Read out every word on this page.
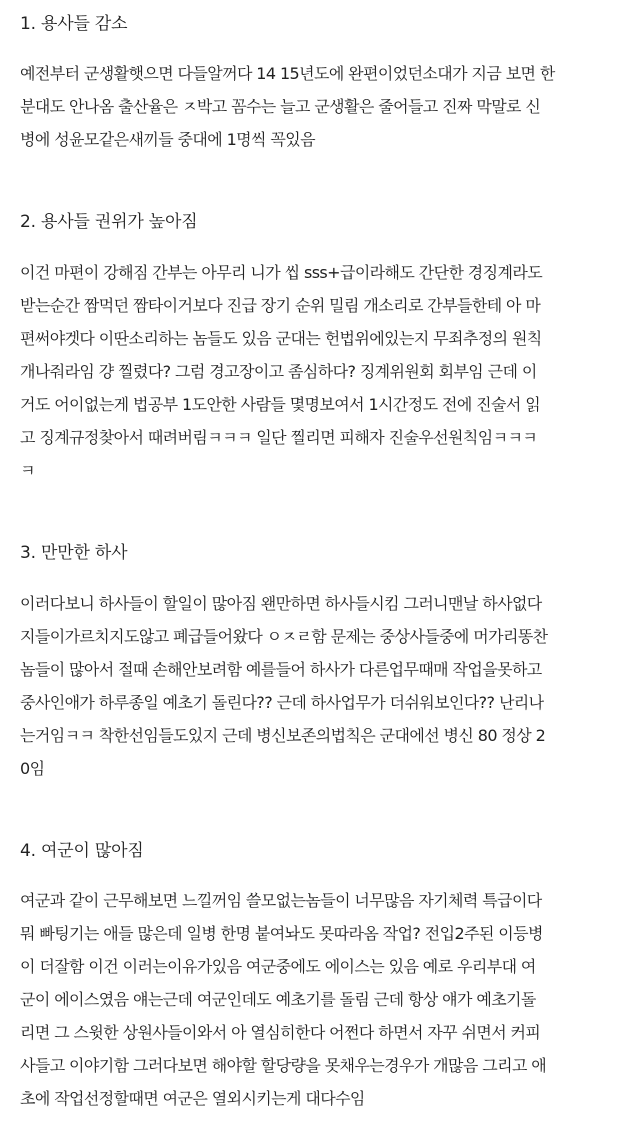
1. 용사들 감소

예전부터 군생활햇으면 다들알꺼다 14 15년도에 완편이었던소대가 지금 보면 한
분대도 안나옴 출산율은 ㅈ박고 꼼수는 늘고 군생활은 줄어들고 진짜 막말로 신
병에 성윤모같은새끼들 중대에 1명씩 꼭있음

2. 용사들 권위가 높아짐

이건 마편이 강해짐 간부는 아무리 니가 씹 sss+급이라해도 간단한 경징계라도
받는순간 짬먹던 짬타이거보다 진급 장기 순위 밀림 개소리로 간부들한테 아 마
편써야겟다 이딴소리하는 놈들도 있음 군대는 헌법위에있는지 무죄추정의 원칙
개나줘라임 걍 찔렸다? 그럼 경고장이고 좀심하다? 징계위원회 회부임 근데 이
거도 어이없는게 법공부 1도안한 사람들 몇명보여서 1시간정도 전에 진술서 읽
고 징계규정찾아서 때려버림ㅋㅋㅋ 일단 찔리면 피해자 진술우선원칙임ㅋㅋㅋ
ㅋ

3. 만만한 하사

이러다보니 하사들이 할일이 많아짐 왠만하면 하사들시킴 그러니맨날 하사없다
지들이가르치지도않고 폐급들어왔다 ㅇㅈㄹ함 문제는 중상사들중에 머가리똥찬
놈들이 많아서 절때 손해안보려함 예를들어 하사가 다른업무때매 작업을못하고
중사인애가 하루종일 예초기 돌린다?? 근데 하사업무가 더쉬워보인다?? 난리나
는거임ㅋㅋ 착한선임들도있지 근데 병신보존의법칙은 군대에선 병신 80 정상 2
0임

4. 여군이 많아짐

여군과 같이 근무해보면 느낄꺼임 쓸모없는놈들이 너무많음 자기체력 특급이다
뭐 빠팅기는 애들 많은데 일병 한명 붙여놔도 못따라옴 작업? 전입2주된 이등병
이 더잘함 이건 이러는이유가있음 여군중에도 에이스는 있음 예로 우리부대 여
군이 에이스였음 얘는근데 여군인데도 예초기를 돌림 근데 항상 얘가 예초기돌
리면 그 스윗한 상원사들이와서 아 열심히한다 어쩐다 하면서 자꾸 쉬면서 커피
사들고 이야기함 그러다보면 해야할 할당량을 못채우는경우가 개많음 그리고 애
초에 작업선정할때면 여군은 열외시키는게 대다수임
